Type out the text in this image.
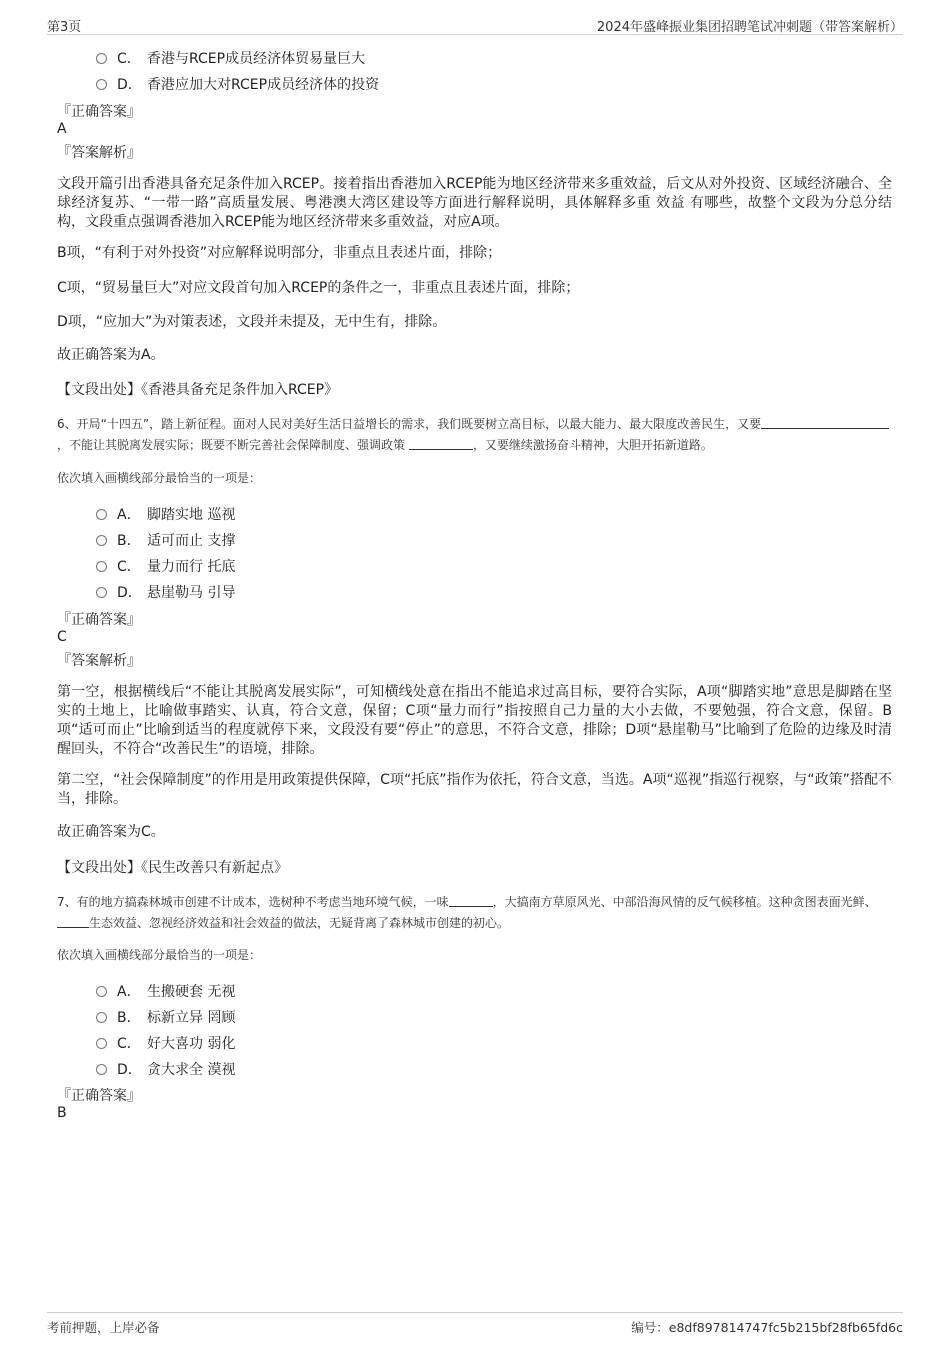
第3页	2024年盛峰振业集团招聘笔试冲刺题（带答案解析）
C． 香港与RCEP成员经济体贸易量巨大
D． 香港应加大对RCEP成员经济体的投资
『正确答案』
A
『答案解析』
文段开篇引出香港具备充足条件加入RCEP。接着指出香港加入RCEP能为地区经济带来多重效益，后文从对外投资、区域经济融合、全球经济复苏、“一带一路”高质量发展、粤港澳大湾区建设等方面进行解释说明，具体解释多重 效益 有哪些，故整个文段为分总分结构，文段重点强调香港加入RCEP能为地区经济带来多重效益，对应A项。
B项，“有利于对外投资”对应解释说明部分，非重点且表述片面，排除；
C项，“贸易量巨大”对应文段首句加入RCEP的条件之一，非重点且表述片面，排除；
D项，“应加大”为对策表述，文段并未提及，无中生有，排除。
故正确答案为A。
【文段出处】《香港具备充足条件加入RCEP》
6、开局“十四五”，踏上新征程。面对人民对美好生活日益增长的需求，我们既要树立高目标，以最大能力、最大限度改善民生，又要，不能让其脱离发展实际；既要不断完善社会保障制度、强调政策	，又要继续激扬奋斗精神，大胆开拓新道路。
依次填入画横线部分最恰当的一项是：
A． 脚踏实地 巡视
B． 适可而止 支撑
C． 量力而行 托底
D． 悬崖勒马 引导
『正确答案』
C
『答案解析』
第一空，根据横线后“不能让其脱离发展实际”，可知横线处意在指出不能追求过高目标，要符合实际，A项“脚踏实地”意思是脚踏在坚实的土地上，比喻做事踏实、认真，符合文意，保留；C项“量力而行”指按照自己力量的大小去做，不要勉强，符合文意，保留。B项“适可而止”比喻到适当的程度就停下来，文段没有要“停止”的意思，不符合文意，排除；D项“悬崖勒马”比喻到了危险的边缘及时清醒回头，不符合“改善民生”的语境，排除。
第二空，“社会保障制度”的作用是用政策提供保障，C项“托底”指作为依托，符合文意，当选。A项“巡视”指巡行视察，与“政策”搭配不当，排除。
故正确答案为C。
【文段出处】《民生改善只有新起点》
7、有的地方搞森林城市创建不计成本，选树种不考虑当地环境气候，一味	，大搞南方草原风光、中部沿海风情的反气候移植。这种贪图表面光鲜、生态效益、忽视经济效益和社会效益的做法，无疑背离了森林城市创建的初心。
依次填入画横线部分最恰当的一项是：
A． 生搬硬套 无视
B． 标新立异 罔顾
C． 好大喜功 弱化
D． 贪大求全 漠视
『正确答案』
B
考前押题，上岸必备	编号：e8df897814747fc5b215bf28fb65fd6c
